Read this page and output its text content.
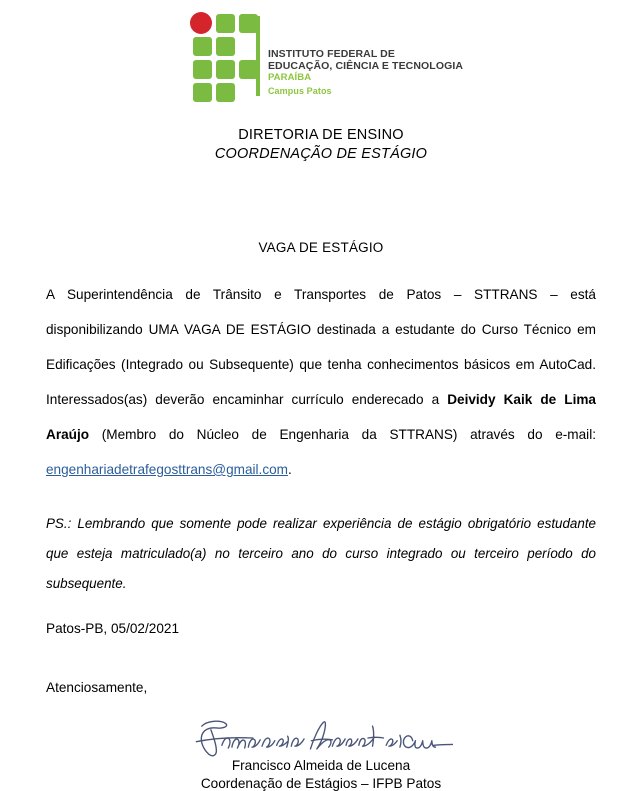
INSTITUTO FEDERAL DE
EDUCAÇÃO, CIÊNCIA E TECNOLOGIA
PARAÍBA
Campus Patos
DIRETORIA DE ENSINO
COORDENAÇÃO DE ESTÁGIO
VAGA DE ESTÁGIO

A Superintendência de Trânsito e Transportes de Patos – STTRANS – está disponibilizando UMA VAGA DE ESTÁGIO destinada a estudante do Curso Técnico em Edificações (Integrado ou Subsequente) que tenha conhecimentos básicos em AutoCad. Interessados(as) deverão encaminhar currículo enderecado a Deividy Kaik de Lima Araújo (Membro do Núcleo de Engenharia da STTRANS) através do e-mail: engenhariadetrafegosttrans@gmail.com.

PS.: Lembrando que somente pode realizar experiência de estágio obrigatório estudante que esteja matriculado(a) no terceiro ano do curso integrado ou terceiro período do subsequente.

Patos-PB, 05/02/2021
Atenciosamente,
Francisco Almeida de Lucena
Coordenação de Estágios – IFPB Patos
